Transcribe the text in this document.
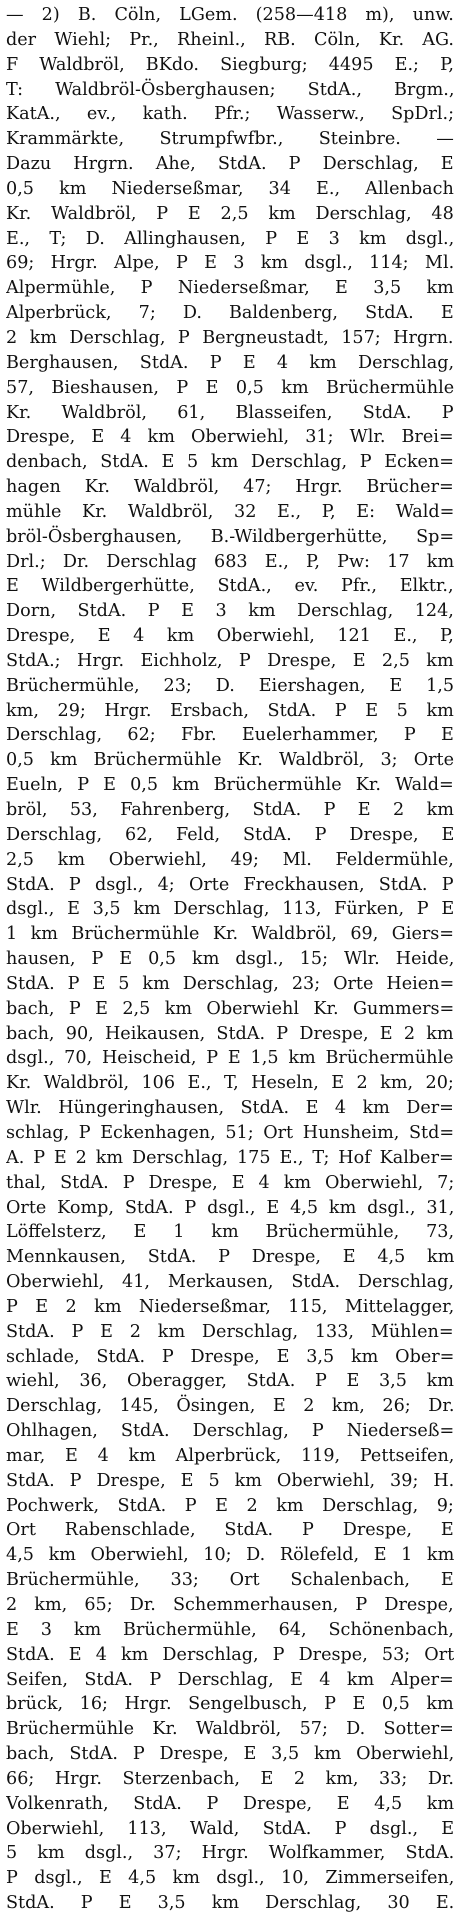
— 2) B. Cöln, LGem. (258—418 m), unw.
der Wiehl; Pr., Rheinl., RB. Cöln, Kr. AG.
F Waldbröl, BKdo. Siegburg; 4495 E.; P,
T: Waldbröl-Ösberghausen; StdA., Brgm.,
KatA., ev., kath. Pfr.; Wasserw., SpDrl.;
Krammärkte, Strumpfwfbr., Steinbre. —
Dazu Hrgrn. Ahe, StdA. P Derschlag, E
0,5 km Niederseßmar, 34 E., Allenbach
Kr. Waldbröl, P E 2,5 km Derschlag, 48
E., T; D. Allinghausen, P E 3 km dsgl.,
69; Hrgr. Alpe, P E 3 km dsgl., 114; Ml.
Alpermühle, P Niederseßmar, E 3,5 km
Alperbrück, 7; D. Baldenberg, StdA. E
2 km Derschlag, P Bergneustadt, 157; Hrgrn.
Berghausen, StdA. P E 4 km Derschlag,
57, Bieshausen, P E 0,5 km Brüchermühle
Kr. Waldbröl, 61, Blasseifen, StdA. P
Drespe, E 4 km Oberwiehl, 31; Wlr. Brei=
denbach, StdA. E 5 km Derschlag, P Ecken=
hagen Kr. Waldbröl, 47; Hrgr. Brücher=
mühle Kr. Waldbröl, 32 E., P, E: Wald=
bröl-Ösberghausen, B.-Wildbergerhütte, Sp=
Drl.; Dr. Derschlag 683 E., P, Pw: 17 km
E Wildbergerhütte, StdA., ev. Pfr., Elktr.,
Dorn, StdA. P E 3 km Derschlag, 124,
Drespe, E 4 km Oberwiehl, 121 E., P,
StdA.; Hrgr. Eichholz, P Drespe, E 2,5 km
Brüchermühle, 23; D. Eiershagen, E 1,5
km, 29; Hrgr. Ersbach, StdA. P E 5 km
Derschlag, 62; Fbr. Euelerhammer, P E
0,5 km Brüchermühle Kr. Waldbröl, 3; Orte
Eueln, P E 0,5 km Brüchermühle Kr. Wald=
bröl, 53, Fahrenberg, StdA. P E 2 km
Derschlag, 62, Feld, StdA. P Drespe, E
2,5 km Oberwiehl, 49; Ml. Feldermühle,
StdA. P dsgl., 4; Orte Freckhausen, StdA. P
dsgl., E 3,5 km Derschlag, 113, Fürken, P E
1 km Brüchermühle Kr. Waldbröl, 69, Giers=
hausen, P E 0,5 km dsgl., 15; Wlr. Heide,
StdA. P E 5 km Derschlag, 23; Orte Heien=
bach, P E 2,5 km Oberwiehl Kr. Gummers=
bach, 90, Heikausen, StdA. P Drespe, E 2 km
dsgl., 70, Heischeid, P E 1,5 km Brüchermühle
Kr. Waldbröl, 106 E., T, Heseln, E 2 km, 20;
Wlr. Hüngeringhausen, StdA. E 4 km Der=
schlag, P Eckenhagen, 51; Ort Hunsheim, Std=
A. P E 2 km Derschlag, 175 E., T; Hof Kalber=
thal, StdA. P Drespe, E 4 km Oberwiehl, 7;
Orte Komp, StdA. P dsgl., E 4,5 km dsgl., 31,
Löffelsterz, E 1 km Brüchermühle, 73,
Mennkausen, StdA. P Drespe, E 4,5 km
Oberwiehl, 41, Merkausen, StdA. Derschlag,
P E 2 km Niederseßmar, 115, Mittelagger,
StdA. P E 2 km Derschlag, 133, Mühlen=
schlade, StdA. P Drespe, E 3,5 km Ober=
wiehl, 36, Oberagger, StdA. P E 3,5 km
Derschlag, 145, Ösingen, E 2 km, 26; Dr.
Ohlhagen, StdA. Derschlag, P Niederseß=
mar, E 4 km Alperbrück, 119, Pettseifen,
StdA. P Drespe, E 5 km Oberwiehl, 39; H.
Pochwerk, StdA. P E 2 km Derschlag, 9;
Ort Rabenschlade, StdA. P Drespe, E
4,5 km Oberwiehl, 10; D. Rölefeld, E 1 km
Brüchermühle, 33; Ort Schalenbach, E
2 km, 65; Dr. Schemmerhausen, P Drespe,
E 3 km Brüchermühle, 64, Schönenbach,
StdA. E 4 km Derschlag, P Drespe, 53; Ort
Seifen, StdA. P Derschlag, E 4 km Alper=
brück, 16; Hrgr. Sengelbusch, P E 0,5 km
Brüchermühle Kr. Waldbröl, 57; D. Sotter=
bach, StdA. P Drespe, E 3,5 km Oberwiehl,
66; Hrgr. Sterzenbach, E 2 km, 33; Dr.
Volkenrath, StdA. P Drespe, E 4,5 km
Oberwiehl, 113, Wald, StdA. P dsgl., E
5 km dsgl., 37; Hrgr. Wolfkammer, StdA.
P dsgl., E 4,5 km dsgl., 10, Zimmerseifen,
StdA. P E 3,5 km Derschlag, 30 E.
